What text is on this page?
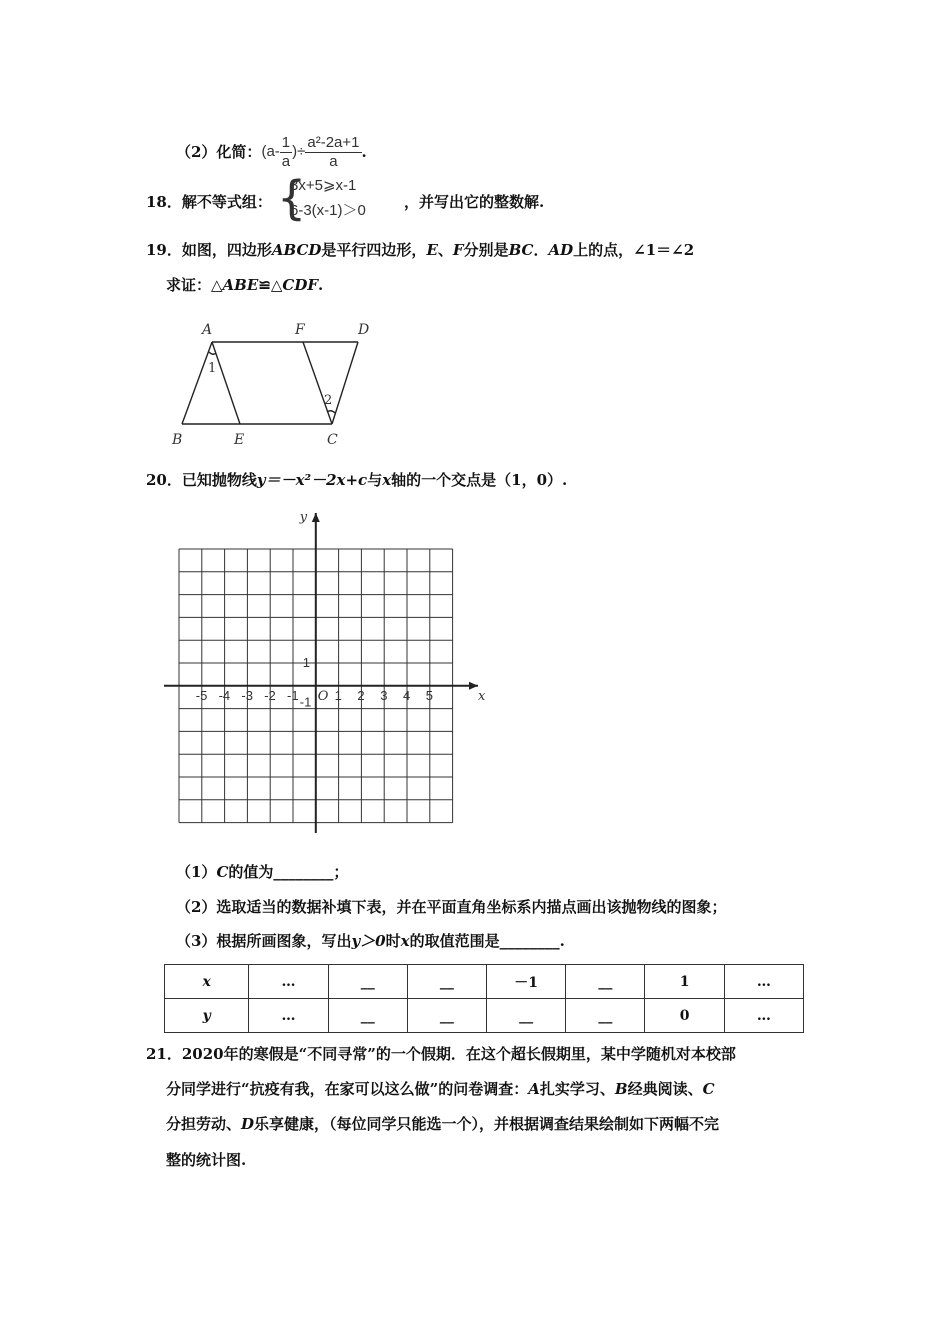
（2）化简： ($a- \frac{1}{a}$ )÷ $\frac{\text{a²-2a+1}}{a}$ .
18．解不等式组： {
3x+5⩾x-1
6-3(x-1)＞0	，并写出它的整数解.
19．如图，四边形ABCD是平行四边形，E、F分别是BC．AD上的点，∠1＝∠2
求证：△ABE≌△CDF.
A	F	D
B	E	C
1
2
20．已知抛物线y＝－x²－2x+c与x轴的一个交点是（1，0）.
-5 -4 -3 -2 -1	1 2 3 4 5
1
-1 O	x
y
（1）C的值为________；
（2）选取适当的数据补填下表，并在平面直角坐标系内描点画出该抛物线的图象；
（3）根据所画图象，写出y＞0时x的取值范围是________.
x	…	__	__	－1	__	1	…
y	…	__	__	__	__	0	…
21．2020年的寒假是“不同寻常”的一个假期．在这个超长假期里，某中学随机对本校部
分同学进行“抗疫有我，在家可以这么做”的问卷调查：A扎实学习、B经典阅读、C
分担劳动、D乐享健康，（每位同学只能选一个），并根据调查结果绘制如下两幅不完
整的统计图.
